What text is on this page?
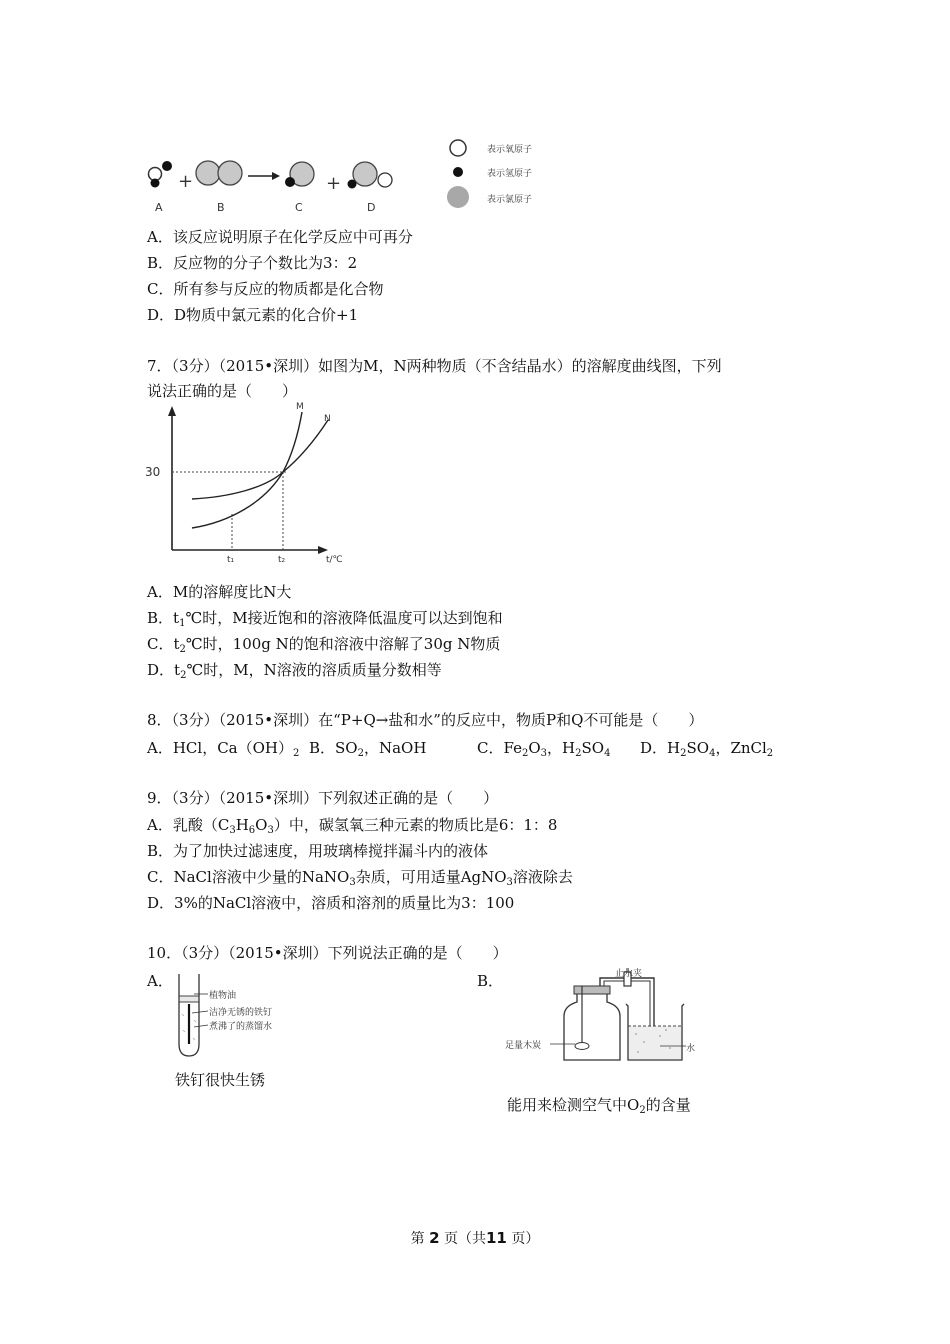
+	+
A	B	C	D
表示氧原子
表示氢原子
表示氯原子
A．该反应说明原子在化学反应中可再分
B．反应物的分子个数比为3：2
C．所有参与反应的物质都是化合物
D．D物质中氯元素的化合价+1
7．（3分）（2015•深圳）如图为M，N两种物质（不含结晶水）的溶解度曲线图，下列
说法正确的是（　　）
30
M
N
t₁	t₂	t/℃
A．M的溶解度比N大
B．$t_1℃$时，M接近饱和的溶液降低温度可以达到饱和
C．$t_2℃$时，100g N的饱和溶液中溶解了30g N物质
D．$t_2℃$时，M，N溶液的溶质质量分数相等
8．（3分）（2015•深圳）在“P+Q→盐和水”的反应中，物质P和Q不可能是（　　）
A．HCl，$Ca(OH)_2$ B．$SO_2$，NaOH	C．$Fe_2O_3$，$H_2SO_4$ D．$H_2SO_4$，ZnCl$_2$
9．（3分）（2015•深圳）下列叙述正确的是（　　）
A．乳酸$(C_3H_6O_3)$中，碳氢氧三种元素的物质比是6：1：8
B．为了加快过滤速度，用玻璃棒搅拌漏斗内的液体
C．NaCl溶液中少量的NaNO$_3$杂质，可用适量AgNO$_3$溶液除去
D．3%的NaCl溶液中，溶质和溶剂的质量比为3：100
10．（3分）（2015•深圳）下列说法正确的是（　　）
A．	B．
植物油
洁净无锈的铁钉
煮沸了的蒸馏水
铁钉很快生锈
止水夹
足量木炭	水
能用来检测空气中$O_2$的含量
第 2 页（共11 页）
